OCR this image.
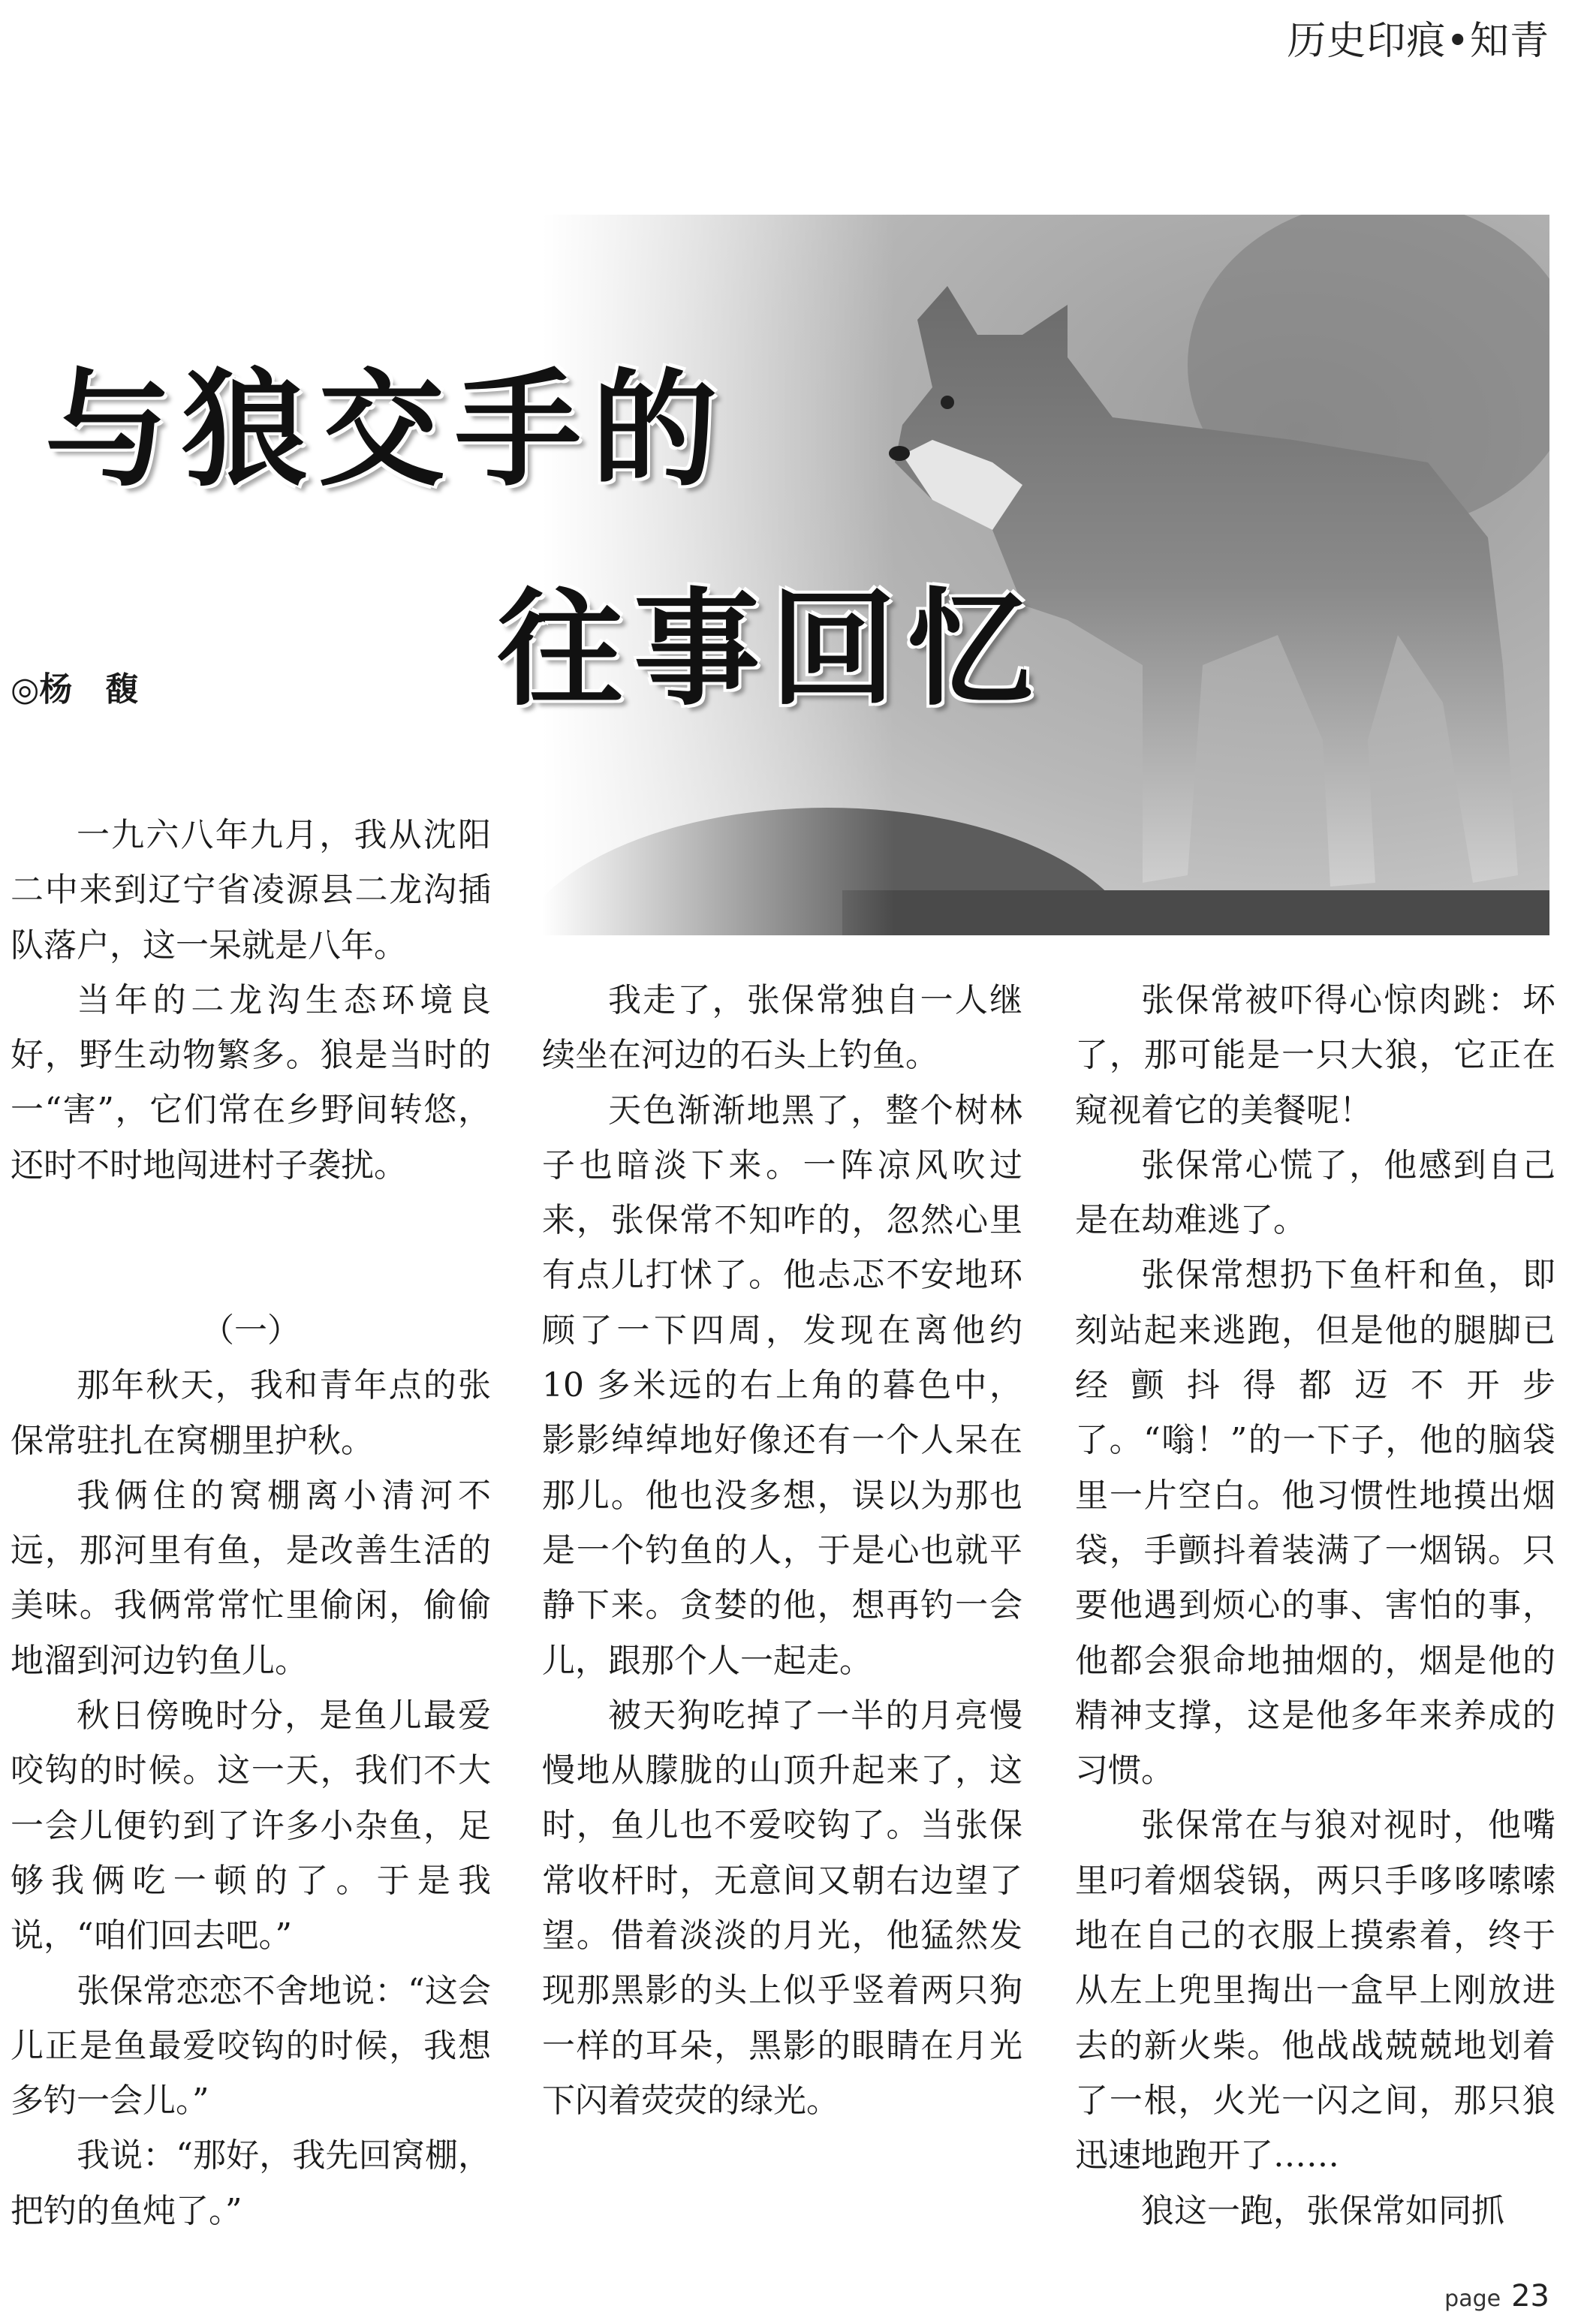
历史印痕•知青
与狼交手的
往事回忆
◎杨　馥

一九六八年九月，我从沈阳二中来到辽宁省凌源县二龙沟插队落户，这一呆就是八年。

当年的二龙沟生态环境良好，野生动物繁多。狼是当时的一“害”，它们常在乡野间转悠，还时不时地闯进村子袭扰。

（一）

那年秋天，我和青年点的张保常驻扎在窝棚里护秋。

我俩住的窝棚离小清河不远，那河里有鱼，是改善生活的美味。我俩常常忙里偷闲，偷偷地溜到河边钓鱼儿。

秋日傍晚时分，是鱼儿最爱咬钩的时候。这一天，我们不大一会儿便钓到了许多小杂鱼，足够我俩吃一顿的了。于是我说，“咱们回去吧。”

张保常恋恋不舍地说：“这会儿正是鱼最爱咬钩的时候，我想多钓一会儿。”

我说：“那好，我先回窝棚，把钓的鱼炖了。”

我走了，张保常独自一人继续坐在河边的石头上钓鱼。

天色渐渐地黑了，整个树林子也暗淡下来。一阵凉风吹过来，张保常不知咋的，忽然心里有点儿打怵了。他忐忑不安地环顾了一下四周，发现在离他约 10 多米远的右上角的暮色中，影影绰绰地好像还有一个人呆在那儿。他也没多想，误以为那也是一个钓鱼的人，于是心也就平静下来。贪婪的他，想再钓一会儿，跟那个人一起走。

被天狗吃掉了一半的月亮慢慢地从朦胧的山顶升起来了，这时，鱼儿也不爱咬钩了。当张保常收杆时，无意间又朝右边望了望。借着淡淡的月光，他猛然发现那黑影的头上似乎竖着两只狗一样的耳朵，黑影的眼睛在月光下闪着荧荧的绿光。

张保常被吓得心惊肉跳：坏了，那可能是一只大狼，它正在窥视着它的美餐呢！

张保常心慌了，他感到自己是在劫难逃了。

张保常想扔下鱼杆和鱼，即刻站起来逃跑，但是他的腿脚已经颤抖得都迈不开步了。“嗡！”的一下子，他的脑袋里一片空白。他习惯性地摸出烟袋，手颤抖着装满了一烟锅。只要他遇到烦心的事、害怕的事，他都会狠命地抽烟的，烟是他的精神支撑，这是他多年来养成的习惯。

张保常在与狼对视时，他嘴里叼着烟袋锅，两只手哆哆嗦嗦地在自己的衣服上摸索着，终于从左上兜里掏出一盒早上刚放进去的新火柴。他战战兢兢地划着了一根，火光一闪之间，那只狼迅速地跑开了……

狼这一跑，张保常如同抓

page 23
